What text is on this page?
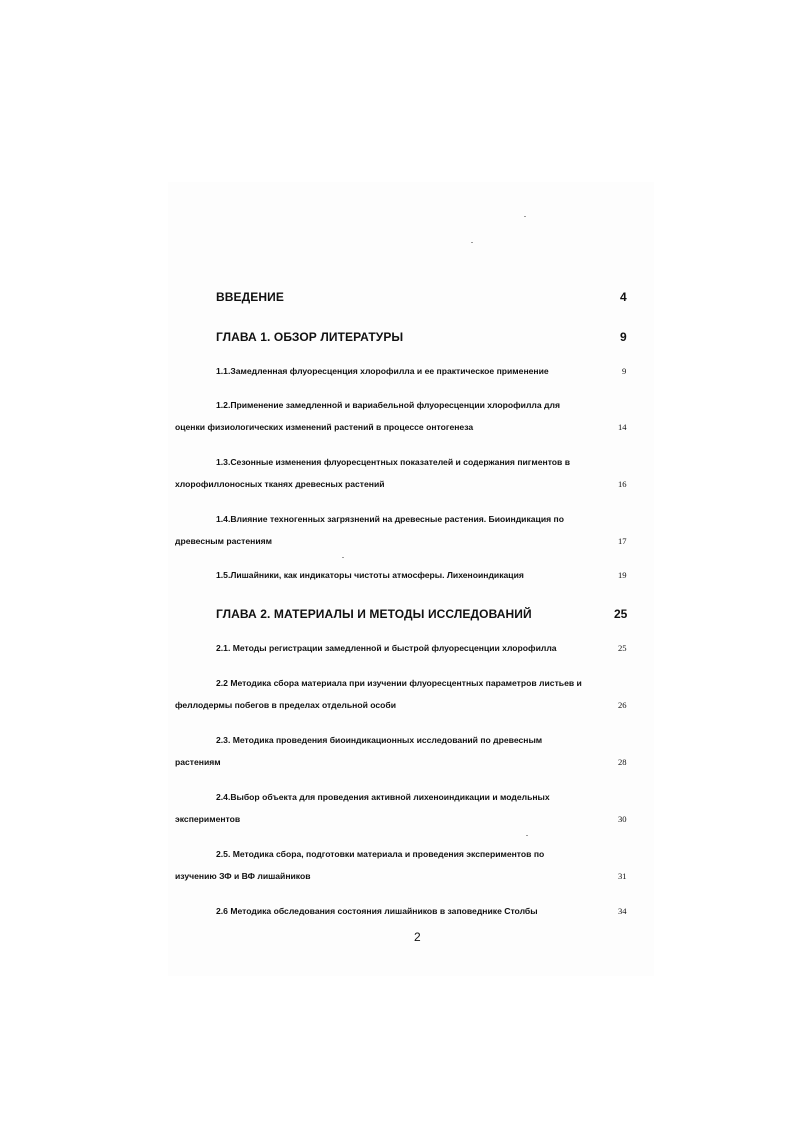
ВВЕДЕНИЕ	4
ГЛАВА 1. ОБЗОР ЛИТЕРАТУРЫ	9
1.1.Замедленная флуоресценция хлорофилла и ее практическое применение	9
1.2.Применение замедленной и вариабельной флуоресценции хлорофилла для
оценки физиологических изменений растений в процессе онтогенеза	14
1.3.Сезонные изменения флуоресцентных показателей и содержания пигментов в
хлорофиллоносных тканях древесных растений	16
1.4.Влияние техногенных загрязнений на древесные растения. Биоиндикация по
древесным растениям	17
1.5.Лишайники, как индикаторы чистоты атмосферы. Лихеноиндикация	19
ГЛАВА 2. МАТЕРИАЛЫ И МЕТОДЫ ИССЛЕДОВАНИЙ	25
2.1. Методы регистрации замедленной и быстрой флуоресценции хлорофилла	25
2.2 Методика сбора материала при изучении флуоресцентных параметров листьев и
феллодермы побегов в пределах отдельной особи	26
2.3. Методика проведения биоиндикационных исследований по древесным
растениям	28
2.4.Выбор объекта для проведения активной лихеноиндикации и модельных
экспериментов	30
2.5. Методика сбора, подготовки материала и проведения экспериментов по
изучению ЗФ и ВФ лишайников	31
2.6 Методика обследования состояния лишайников в заповеднике Столбы	34
2
